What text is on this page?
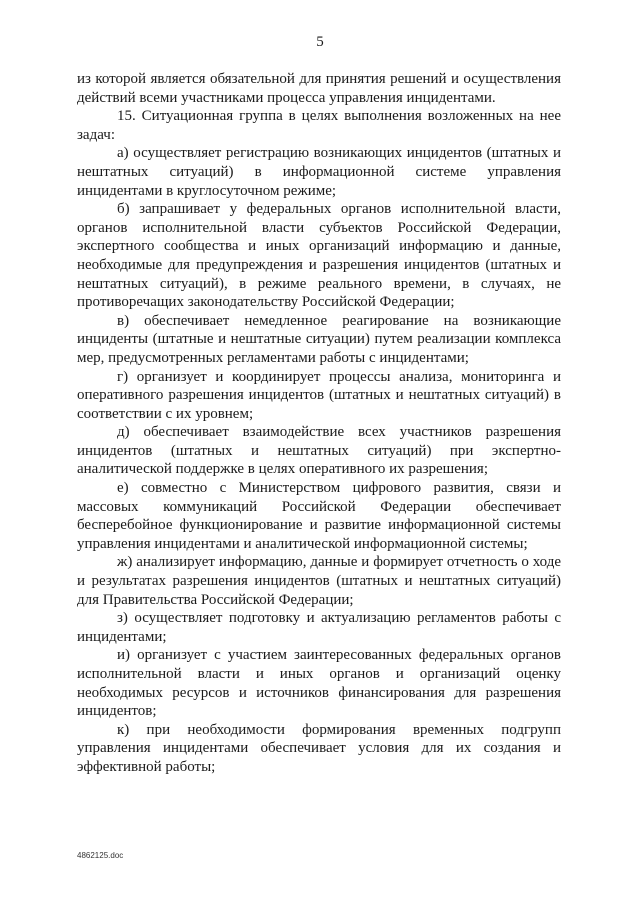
5

из которой является обязательной для принятия решений и осуществления действий всеми участниками процесса управления инцидентами.

15. Ситуационная группа в целях выполнения возложенных на нее задач:

а) осуществляет регистрацию возникающих инцидентов (штатных и нештатных ситуаций) в информационной системе управления инцидентами в круглосуточном режиме;

б) запрашивает у федеральных органов исполнительной власти, органов исполнительной власти субъектов Российской Федерации, экспертного сообщества и иных организаций информацию и данные, необходимые для предупреждения и разрешения инцидентов (штатных и нештатных ситуаций), в режиме реального времени, в случаях, не противоречащих законодательству Российской Федерации;

в) обеспечивает немедленное реагирование на возникающие инциденты (штатные и нештатные ситуации) путем реализации комплекса мер, предусмотренных регламентами работы с инцидентами;

г) организует и координирует процессы анализа, мониторинга и оперативного разрешения инцидентов (штатных и нештатных ситуаций) в соответствии с их уровнем;

д) обеспечивает взаимодействие всех участников разрешения инцидентов (штатных и нештатных ситуаций) при экспертно-аналитической поддержке в целях оперативного их разрешения;

е) совместно с Министерством цифрового развития, связи и массовых коммуникаций Российской Федерации обеспечивает бесперебойное функционирование и развитие информационной системы управления инцидентами и аналитической информационной системы;

ж) анализирует информацию, данные и формирует отчетность о ходе и результатах разрешения инцидентов (штатных и нештатных ситуаций) для Правительства Российской Федерации;

з) осуществляет подготовку и актуализацию регламентов работы с инцидентами;

и) организует с участием заинтересованных федеральных органов исполнительной власти и иных органов и организаций оценку необходимых ресурсов и источников финансирования для разрешения инцидентов;

к) при необходимости формирования временных подгрупп управления инцидентами обеспечивает условия для их создания и эффективной работы;

4862125.doc
